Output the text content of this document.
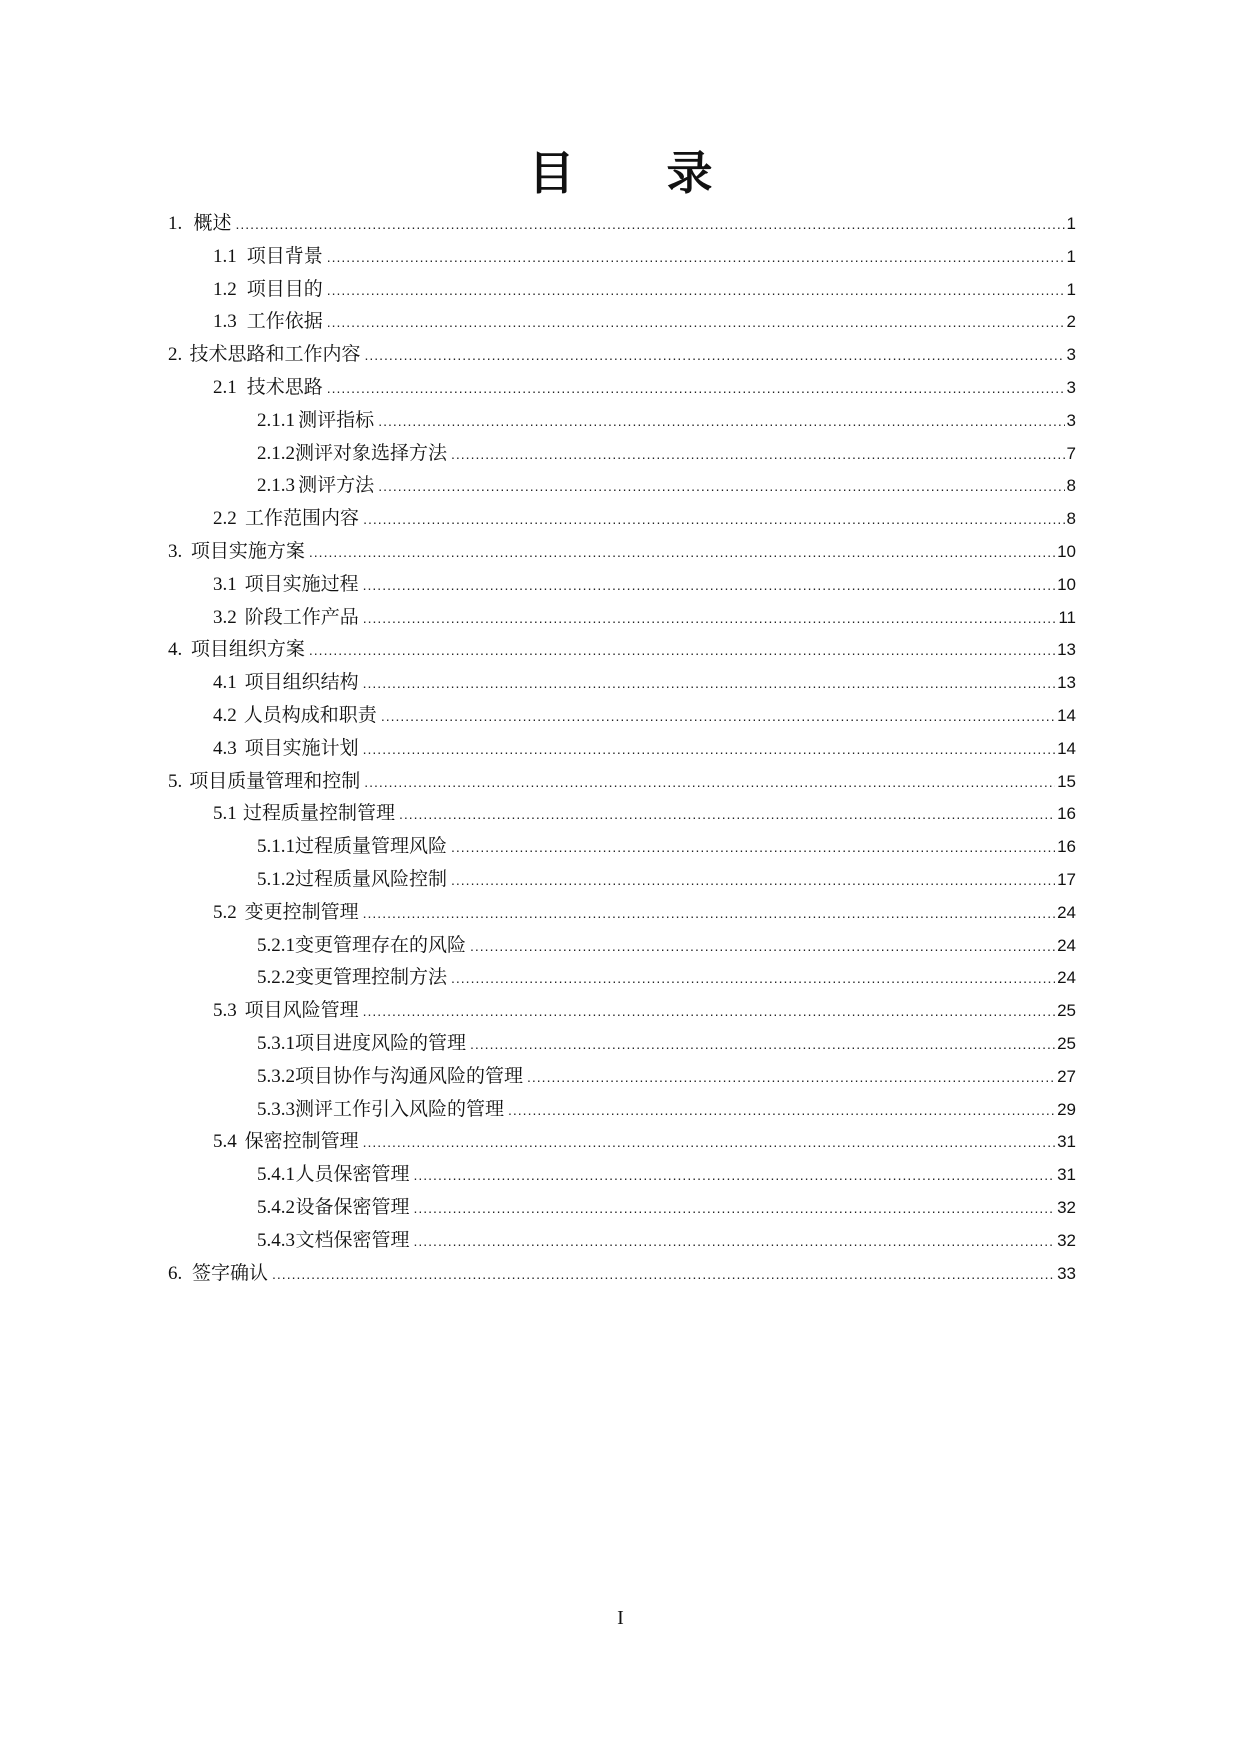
目 录
1. 概述 .....	1
1.1 项目背景 .....	1
1.2 项目目的 .....	1
1.3 工作依据 .....	2
2. 技术思路和工作内容 .....	3
2.1 技术思路 .....	3
2.1.1 测评指标 .....	3
2.1.2 测评对象选择方法 .....	7
2.1.3 测评方法 .....	8
2.2 工作范围内容 .....	8
3. 项目实施方案 .....	10
3.1 项目实施过程 .....	10
3.2 阶段工作产品 .....	11
4. 项目组织方案 .....	13
4.1 项目组织结构 .....	13
4.2 人员构成和职责 .....	14
4.3 项目实施计划 .....	14
5. 项目质量管理和控制 .....	15
5.1 过程质量控制管理 .....	16
5.1.1 过程质量管理风险 .....	16
5.1.2 过程质量风险控制 .....	17
5.2 变更控制管理 .....	24
5.2.1 变更管理存在的风险 .....	24
5.2.2 变更管理控制方法 .....	24
5.3 项目风险管理 .....	25
5.3.1 项目进度风险的管理 .....	25
5.3.2 项目协作与沟通风险的管理 .....	27
5.3.3 测评工作引入风险的管理 .....	29
5.4 保密控制管理 .....	31
5.4.1 人员保密管理 .....	31
5.4.2 设备保密管理 .....	32
5.4.3 文档保密管理 .....	32
6. 签字确认 .....	33
I
